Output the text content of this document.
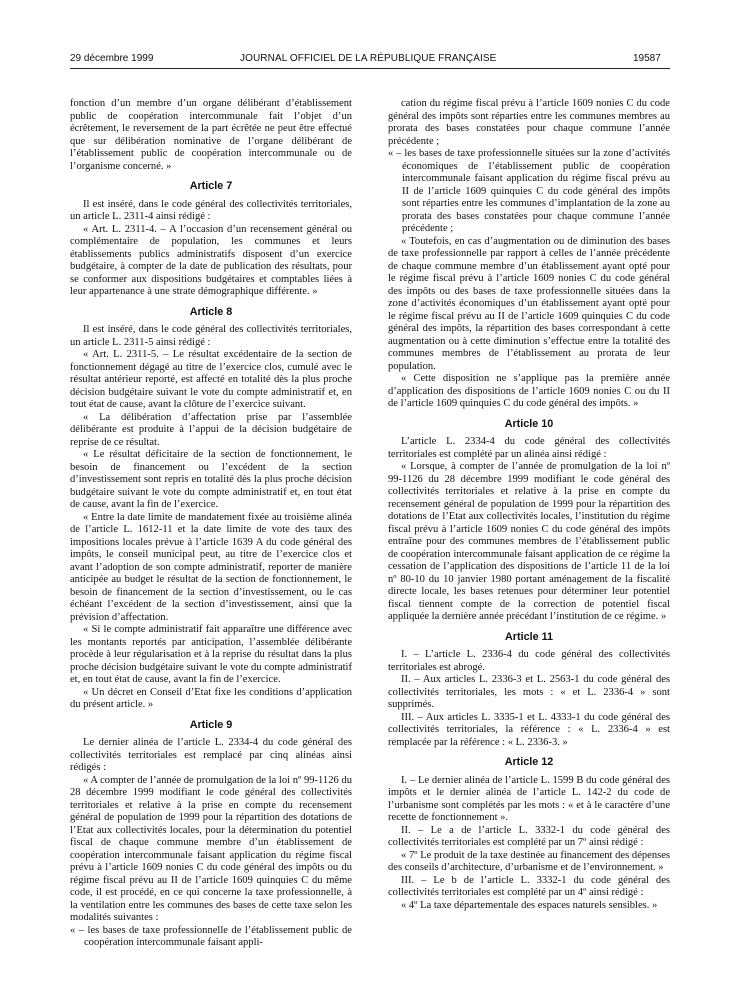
29 décembre 1999	JOURNAL OFFICIEL DE LA RÉPUBLIQUE FRANÇAISE	19587

fonction d’un membre d’un organe délibérant d’établissement public de coopération intercommunale fait l’objet d’un écrêtement, le reversement de la part écrêtée ne peut être effectué que sur délibération nominative de l’organe délibérant de l’établissement public de coopération intercommunale ou de l’organisme concerné. »

Article 7

Il est inséré, dans le code général des collectivités territoriales, un article L. 2311-4 ainsi rédigé :

« Art. L. 2311-4. – A l’occasion d’un recensement général ou complémentaire de population, les communes et leurs établissements publics administratifs disposent d’un exercice budgétaire, à compter de la date de publication des résultats, pour se conformer aux dispositions budgétaires et comptables liées à leur appartenance à une strate démographique différente. »

Article 8

Il est inséré, dans le code général des collectivités territoriales, un article L. 2311-5 ainsi rédigé :

« Art. L. 2311-5. – Le résultat excédentaire de la section de fonctionnement dégagé au titre de l’exercice clos, cumulé avec le résultat antérieur reporté, est affecté en totalité dès la plus proche décision budgétaire suivant le vote du compte administratif et, en tout état de cause, avant la clôture de l’exercice suivant.

« La délibération d’affectation prise par l’assemblée délibérante est produite à l’appui de la décision budgétaire de reprise de ce résultat.

« Le résultat déficitaire de la section de fonctionnement, le besoin de financement ou l’excédent de la section d’investissement sont repris en totalité dès la plus proche décision budgétaire suivant le vote du compte administratif et, en tout état de cause, avant la fin de l’exercice.

« Entre la date limite de mandatement fixée au troisième alinéa de l’article L. 1612-11 et la date limite de vote des taux des impositions locales prévue à l’article 1639 A du code général des impôts, le conseil municipal peut, au titre de l’exercice clos et avant l’adoption de son compte administratif, reporter de manière anticipée au budget le résultat de la section de fonctionnement, le besoin de financement de la section d’investissement, ou le cas échéant l’excédent de la section d’investissement, ainsi que la prévision d’affectation.

« Si le compte administratif fait apparaître une différence avec les montants reportés par anticipation, l’assemblée délibérante procède à leur régularisation et à la reprise du résultat dans la plus proche décision budgétaire suivant le vote du compte administratif et, en tout état de cause, avant la fin de l’exercice.

« Un décret en Conseil d’Etat fixe les conditions d’application du présent article. »

Article 9

Le dernier alinéa de l’article L. 2334-4 du code général des collectivités territoriales est remplacé par cinq alinéas ainsi rédigés :

« A compter de l’année de promulgation de la loi nº 99-1126 du 28 décembre 1999 modifiant le code général des collectivités territoriales et relative à la prise en compte du recensement général de population de 1999 pour la répartition des dotations de l’Etat aux collectivités locales, pour la détermination du potentiel fiscal de chaque commune membre d’un établissement de coopération intercommunale faisant application du régime fiscal prévu à l’article 1609 nonies C du code général des impôts ou du régime fiscal prévu au II de l’article 1609 quinquies C du même code, il est procédé, en ce qui concerne la taxe professionnelle, à la ventilation entre les communes des bases de cette taxe selon les modalités suivantes :

« – les bases de taxe professionnelle de l’établissement public de coopération intercommunale faisant appli-

cation du régime fiscal prévu à l’article 1609 nonies C du code général des impôts sont réparties entre les communes membres au prorata des bases constatées pour chaque commune l’année précédente ;

« – les bases de taxe professionnelle situées sur la zone d’activités économiques de l’établissement public de coopération intercommunale faisant application du régime fiscal prévu au II de l’article 1609 quinquies C du code général des impôts sont réparties entre les communes d’implantation de la zone au prorata des bases constatées pour chaque commune l’année précédente ;

« Toutefois, en cas d’augmentation ou de diminution des bases de taxe professionnelle par rapport à celles de l’année précédente de chaque commune membre d’un établissement ayant opté pour le régime fiscal prévu à l’article 1609 nonies C du code général des impôts ou des bases de taxe professionnelle situées dans la zone d’activités économiques d’un établissement ayant opté pour le régime fiscal prévu au II de l’article 1609 quinquies C du code général des impôts, la répartition des bases correspondant à cette augmentation ou à cette diminution s’effectue entre la totalité des communes membres de l’établissement au prorata de leur population.

« Cette disposition ne s’applique pas la première année d’application des dispositions de l’article 1609 nonies C ou du II de l’article 1609 quinquies C du code général des impôts. »

Article 10

L’article L. 2334-4 du code général des collectivités territoriales est complété par un alinéa ainsi rédigé :

« Lorsque, à compter de l’année de promulgation de la loi nº 99-1126 du 28 décembre 1999 modifiant le code général des collectivités territoriales et relative à la prise en compte du recensement général de population de 1999 pour la répartition des dotations de l’Etat aux collectivités locales, l’institution du régime fiscal prévu à l’article 1609 nonies C du code général des impôts entraîne pour des communes membres de l’établissement public de coopération intercommunale faisant application de ce régime la cessation de l’application des dispositions de l’article 11 de la loi nº 80-10 du 10 janvier 1980 portant aménagement de la fiscalité directe locale, les bases retenues pour déterminer leur potentiel fiscal tiennent compte de la correction de potentiel fiscal appliquée la dernière année précédant l’institution de ce régime. »

Article 11

I. – L’article L. 2336-4 du code général des collectivités territoriales est abrogé.

II. – Aux articles L. 2336-3 et L. 2563-1 du code général des collectivités territoriales, les mots : « et L. 2336-4 » sont supprimés.

III. – Aux articles L. 3335-1 et L. 4333-1 du code général des collectivités territoriales, la référence : « L. 2336-4 » est remplacée par la référence : « L. 2336-3. »

Article 12

I. – Le dernier alinéa de l’article L. 1599 B du code général des impôts et le dernier alinéa de l’article L. 142-2 du code de l’urbanisme sont complétés par les mots : « et à le caractère d’une recette de fonctionnement ».

II. – Le a de l’article L. 3332-1 du code général des collectivités territoriales est complété par un 7º ainsi rédigé :

« 7º Le produit de la taxe destinée au financement des dépenses des conseils d’architecture, d’urbanisme et de l’environnement. »

III. – Le b de l’article L. 3332-1 du code général des collectivités territoriales est complété par un 4º ainsi rédigé :

« 4º La taxe départementale des espaces naturels sensibles. »
